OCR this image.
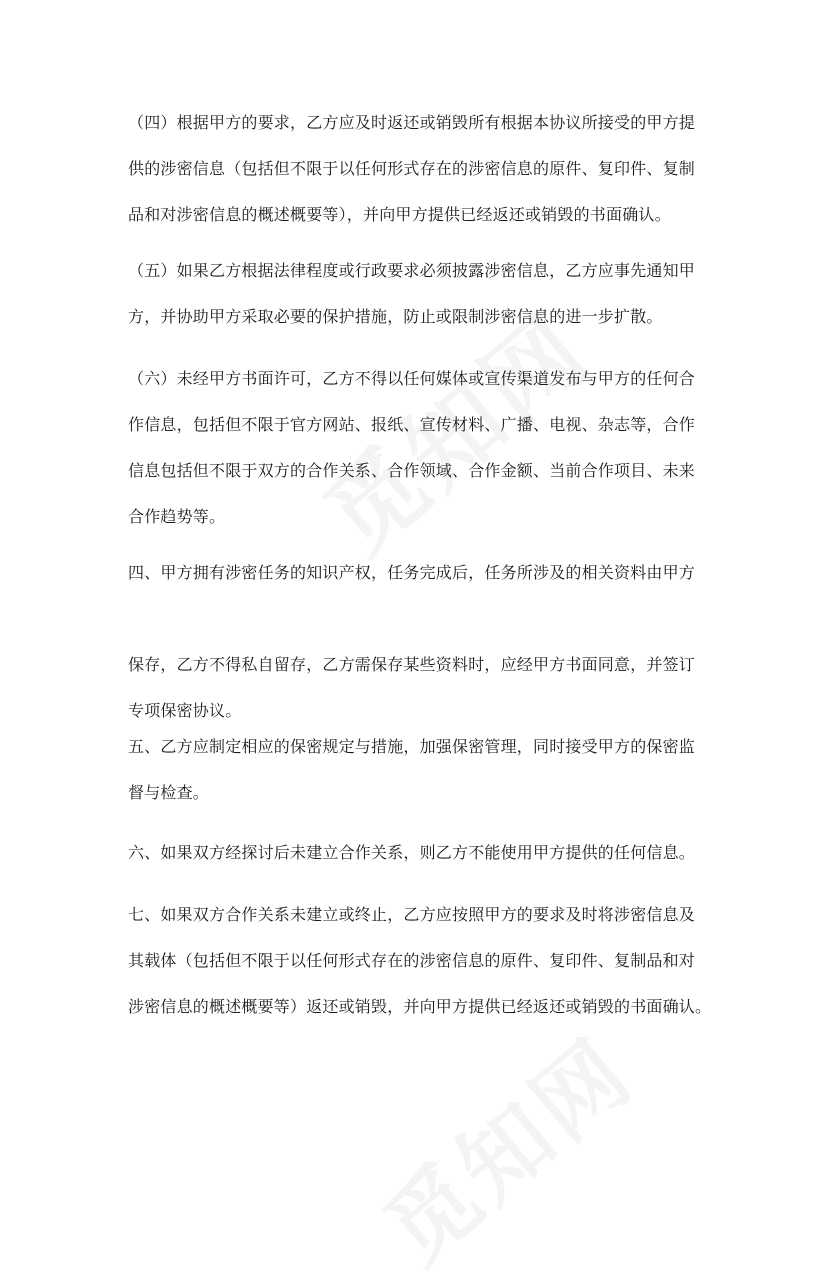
（四）根据甲方的要求，乙方应及时返还或销毁所有根据本协议所接受的甲方提
供的涉密信息（包括但不限于以任何形式存在的涉密信息的原件、复印件、复制
品和对涉密信息的概述概要等），并向甲方提供已经返还或销毁的书面确认。
（五）如果乙方根据法律程度或行政要求必须披露涉密信息，乙方应事先通知甲
方，并协助甲方采取必要的保护措施，防止或限制涉密信息的进一步扩散。
（六）未经甲方书面许可，乙方不得以任何媒体或宣传渠道发布与甲方的任何合
作信息，包括但不限于官方网站、报纸、宣传材料、广播、电视、杂志等，合作
信息包括但不限于双方的合作关系、合作领域、合作金额、当前合作项目、未来
合作趋势等。
四、甲方拥有涉密任务的知识产权，任务完成后，任务所涉及的相关资料由甲方
保存，乙方不得私自留存，乙方需保存某些资料时，应经甲方书面同意，并签订
专项保密协议。
五、乙方应制定相应的保密规定与措施，加强保密管理，同时接受甲方的保密监
督与检查。
六、如果双方经探讨后未建立合作关系，则乙方不能使用甲方提供的任何信息。
七、如果双方合作关系未建立或终止，乙方应按照甲方的要求及时将涉密信息及
其载体（包括但不限于以任何形式存在的涉密信息的原件、复印件、复制品和对
涉密信息的概述概要等）返还或销毁，并向甲方提供已经返还或销毁的书面确认。
